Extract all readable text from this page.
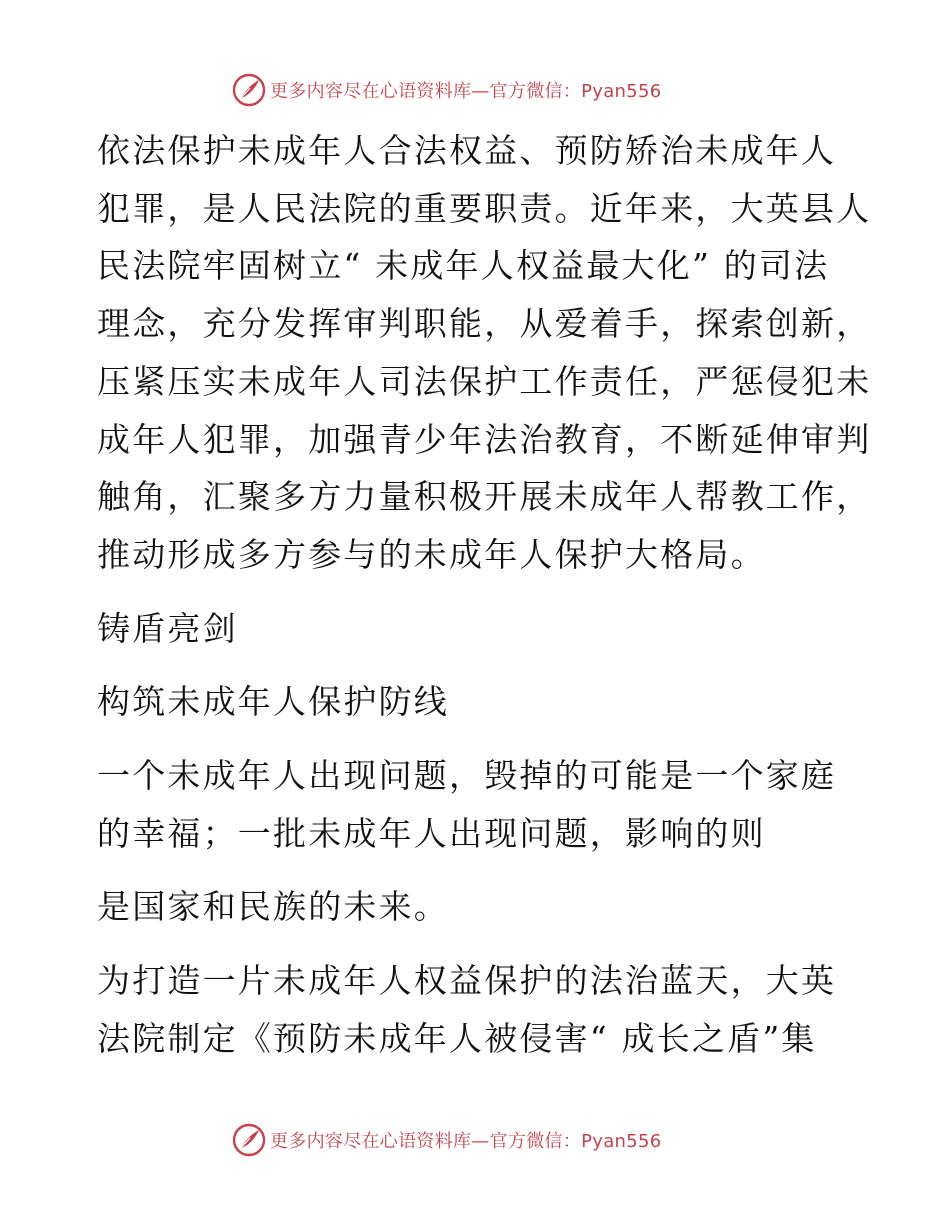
更多内容尽在心语资料库—官方微信：Pyan556

依法保护未成年人合法权益、预防矫治未成年人

犯罪，是人民法院的重要职责。近年来，大英县人

民法院牢固树立“ 未成年人权益最大化” 的司法

理念，充分发挥审判职能，从爱着手，探索创新，

压紧压实未成年人司法保护工作责任，严惩侵犯未

成年人犯罪，加强青少年法治教育，不断延伸审判

触角，汇聚多方力量积极开展未成年人帮教工作，

推动形成多方参与的未成年人保护大格局。

铸盾亮剑

构筑未成年人保护防线

一个未成年人出现问题，毁掉的可能是一个家庭

的幸福；一批未成年人出现问题，影响的则

是国家和民族的未来。

为打造一片未成年人权益保护的法治蓝天，大英

法院制定《预防未成年人被侵害“ 成长之盾”集

更多内容尽在心语资料库—官方微信：Pyan556
